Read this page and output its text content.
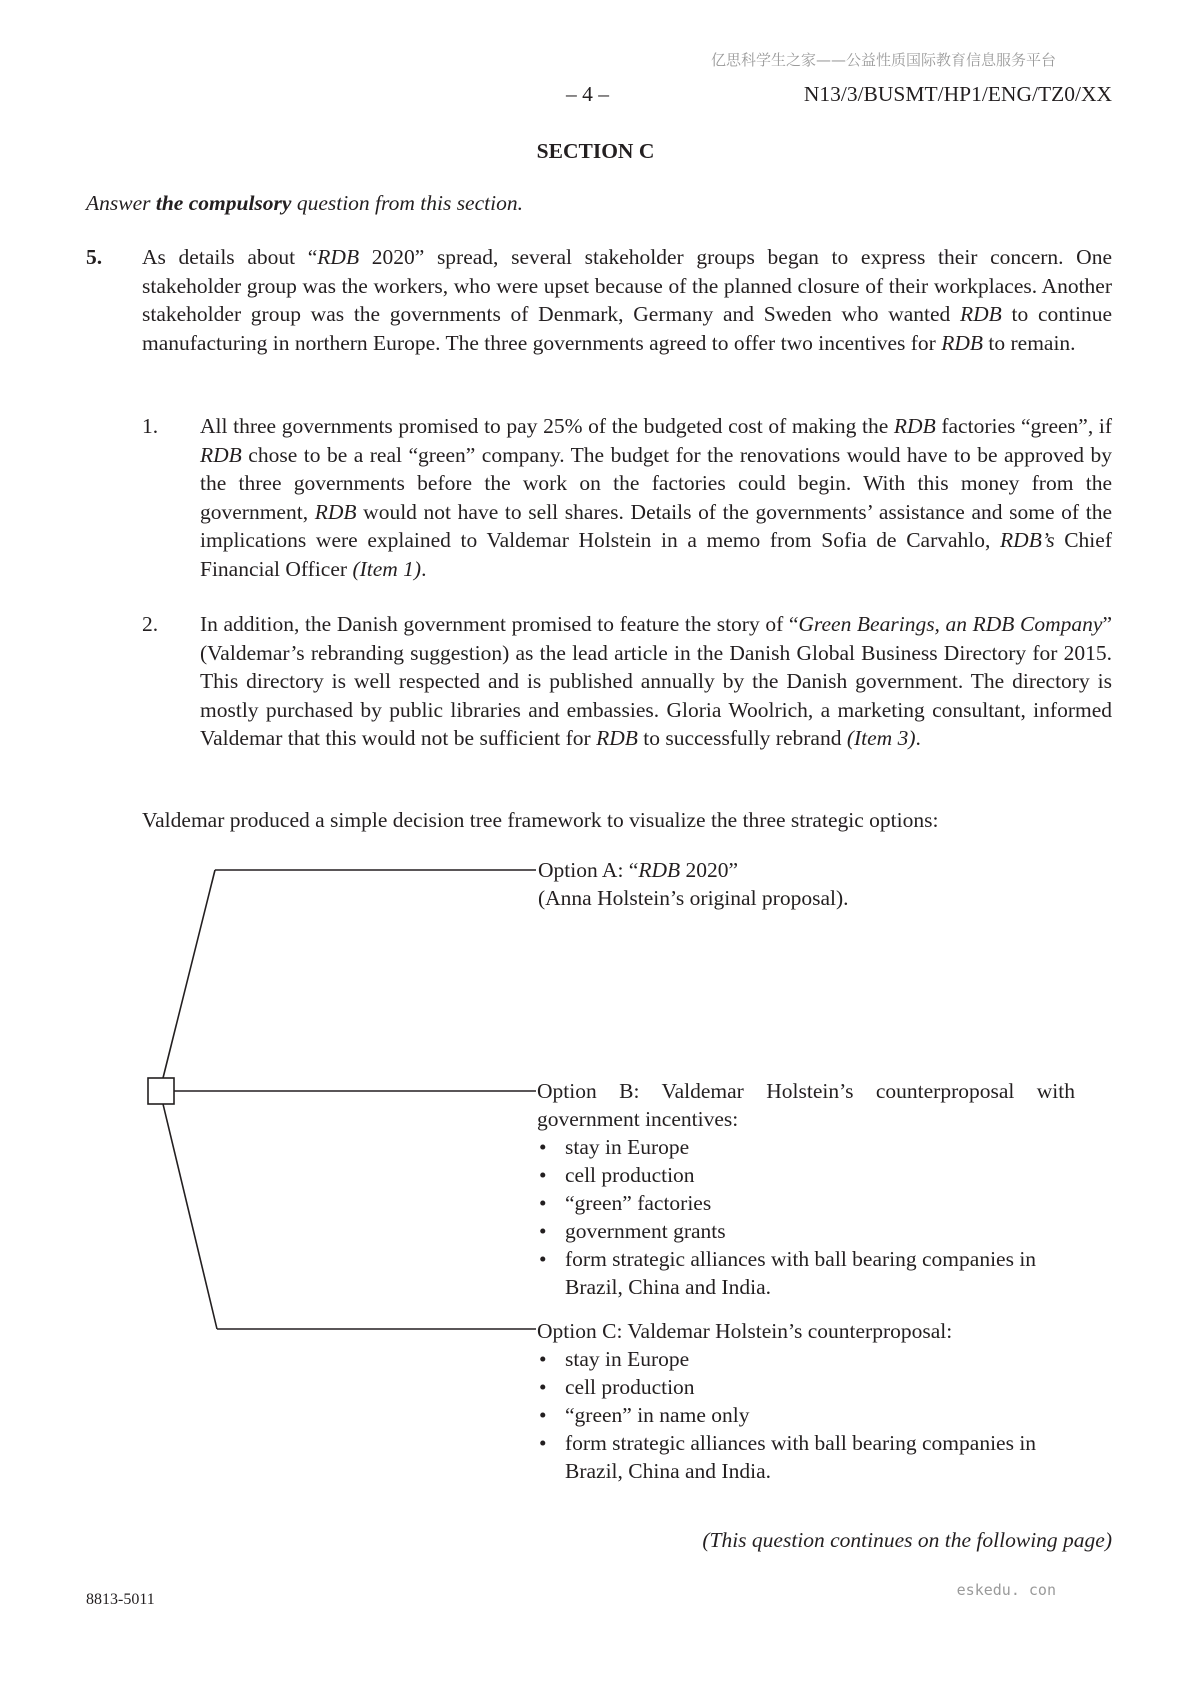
亿思科学生之家——公益性质国际教育信息服务平台
– 4 –	N13/3/BUSMT/HP1/ENG/TZ0/XX
SECTION C
Answer the compulsory question from this section.
5. As details about “RDB 2020” spread, several stakeholder groups began to express their concern. One stakeholder group was the workers, who were upset because of the planned closure of their workplaces. Another stakeholder group was the governments of Denmark, Germany and Sweden who wanted RDB to continue manufacturing in northern Europe. The three governments agreed to offer two incentives for RDB to remain.
1. All three governments promised to pay 25% of the budgeted cost of making the RDB factories “green”, if RDB chose to be a real “green” company. The budget for the renovations would have to be approved by the three governments before the work on the factories could begin. With this money from the government, RDB would not have to sell shares. Details of the governments’ assistance and some of the implications were explained to Valdemar Holstein in a memo from Sofia de Carvahlo, RDB’s Chief Financial Officer (Item 1).
2. In addition, the Danish government promised to feature the story of “Green Bearings, an RDB Company” (Valdemar’s rebranding suggestion) as the lead article in the Danish Global Business Directory for 2015. This directory is well respected and is published annually by the Danish government. The directory is mostly purchased by public libraries and embassies. Gloria Woolrich, a marketing consultant, informed Valdemar that this would not be sufficient for RDB to successfully rebrand (Item 3).
Valdemar produced a simple decision tree framework to visualize the three strategic options:
Option A: “RDB 2020”
(Anna Holstein’s original proposal).
Option B: Valdemar Holstein’s counterproposal with government incentives:
• stay in Europe
• cell production
• “green” factories
• government grants
• form strategic alliances with ball bearing companies in Brazil, China and India.
Option C: Valdemar Holstein’s counterproposal:
• stay in Europe
• cell production
• “green” in name only
• form strategic alliances with ball bearing companies in Brazil, China and India.
(This question continues on the following page)
8813-5011
eskedu. con
